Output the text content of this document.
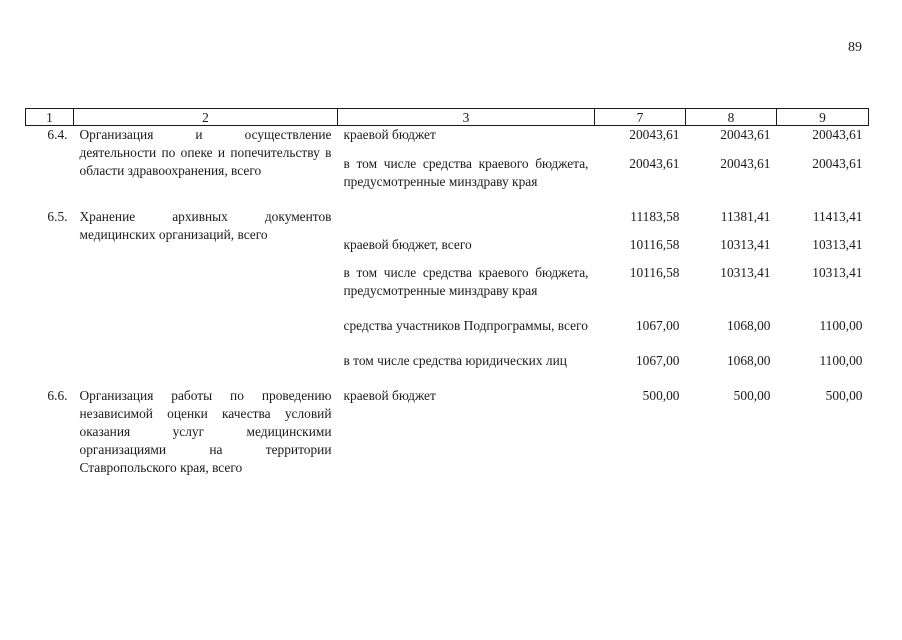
89
1	2	3	7	8	9
6.4.	Организация и осуществление деятельности по опеке и попечительству в области здравоохранения, всего	краевой бюджет	20043,61	20043,61	20043,61
		в том числе средства краевого бюджета, предусмотренные минздраву края	20043,61	20043,61	20043,61
6.5.	Хранение архивных документов медицинских организаций, всего		11183,58	11381,41	11413,41
		краевой бюджет, всего	10116,58	10313,41	10313,41
		в том числе средства краевого бюджета, предусмотренные минздраву края	10116,58	10313,41	10313,41
		средства участников Подпрограммы, всего	1067,00	1068,00	1100,00
		в том числе средства юридических лиц	1067,00	1068,00	1100,00
6.6.	Организация работы по проведению независимой оценки качества условий оказания услуг медицинскими организациями на территории Ставропольского края, всего	краевой бюджет	500,00	500,00	500,00
